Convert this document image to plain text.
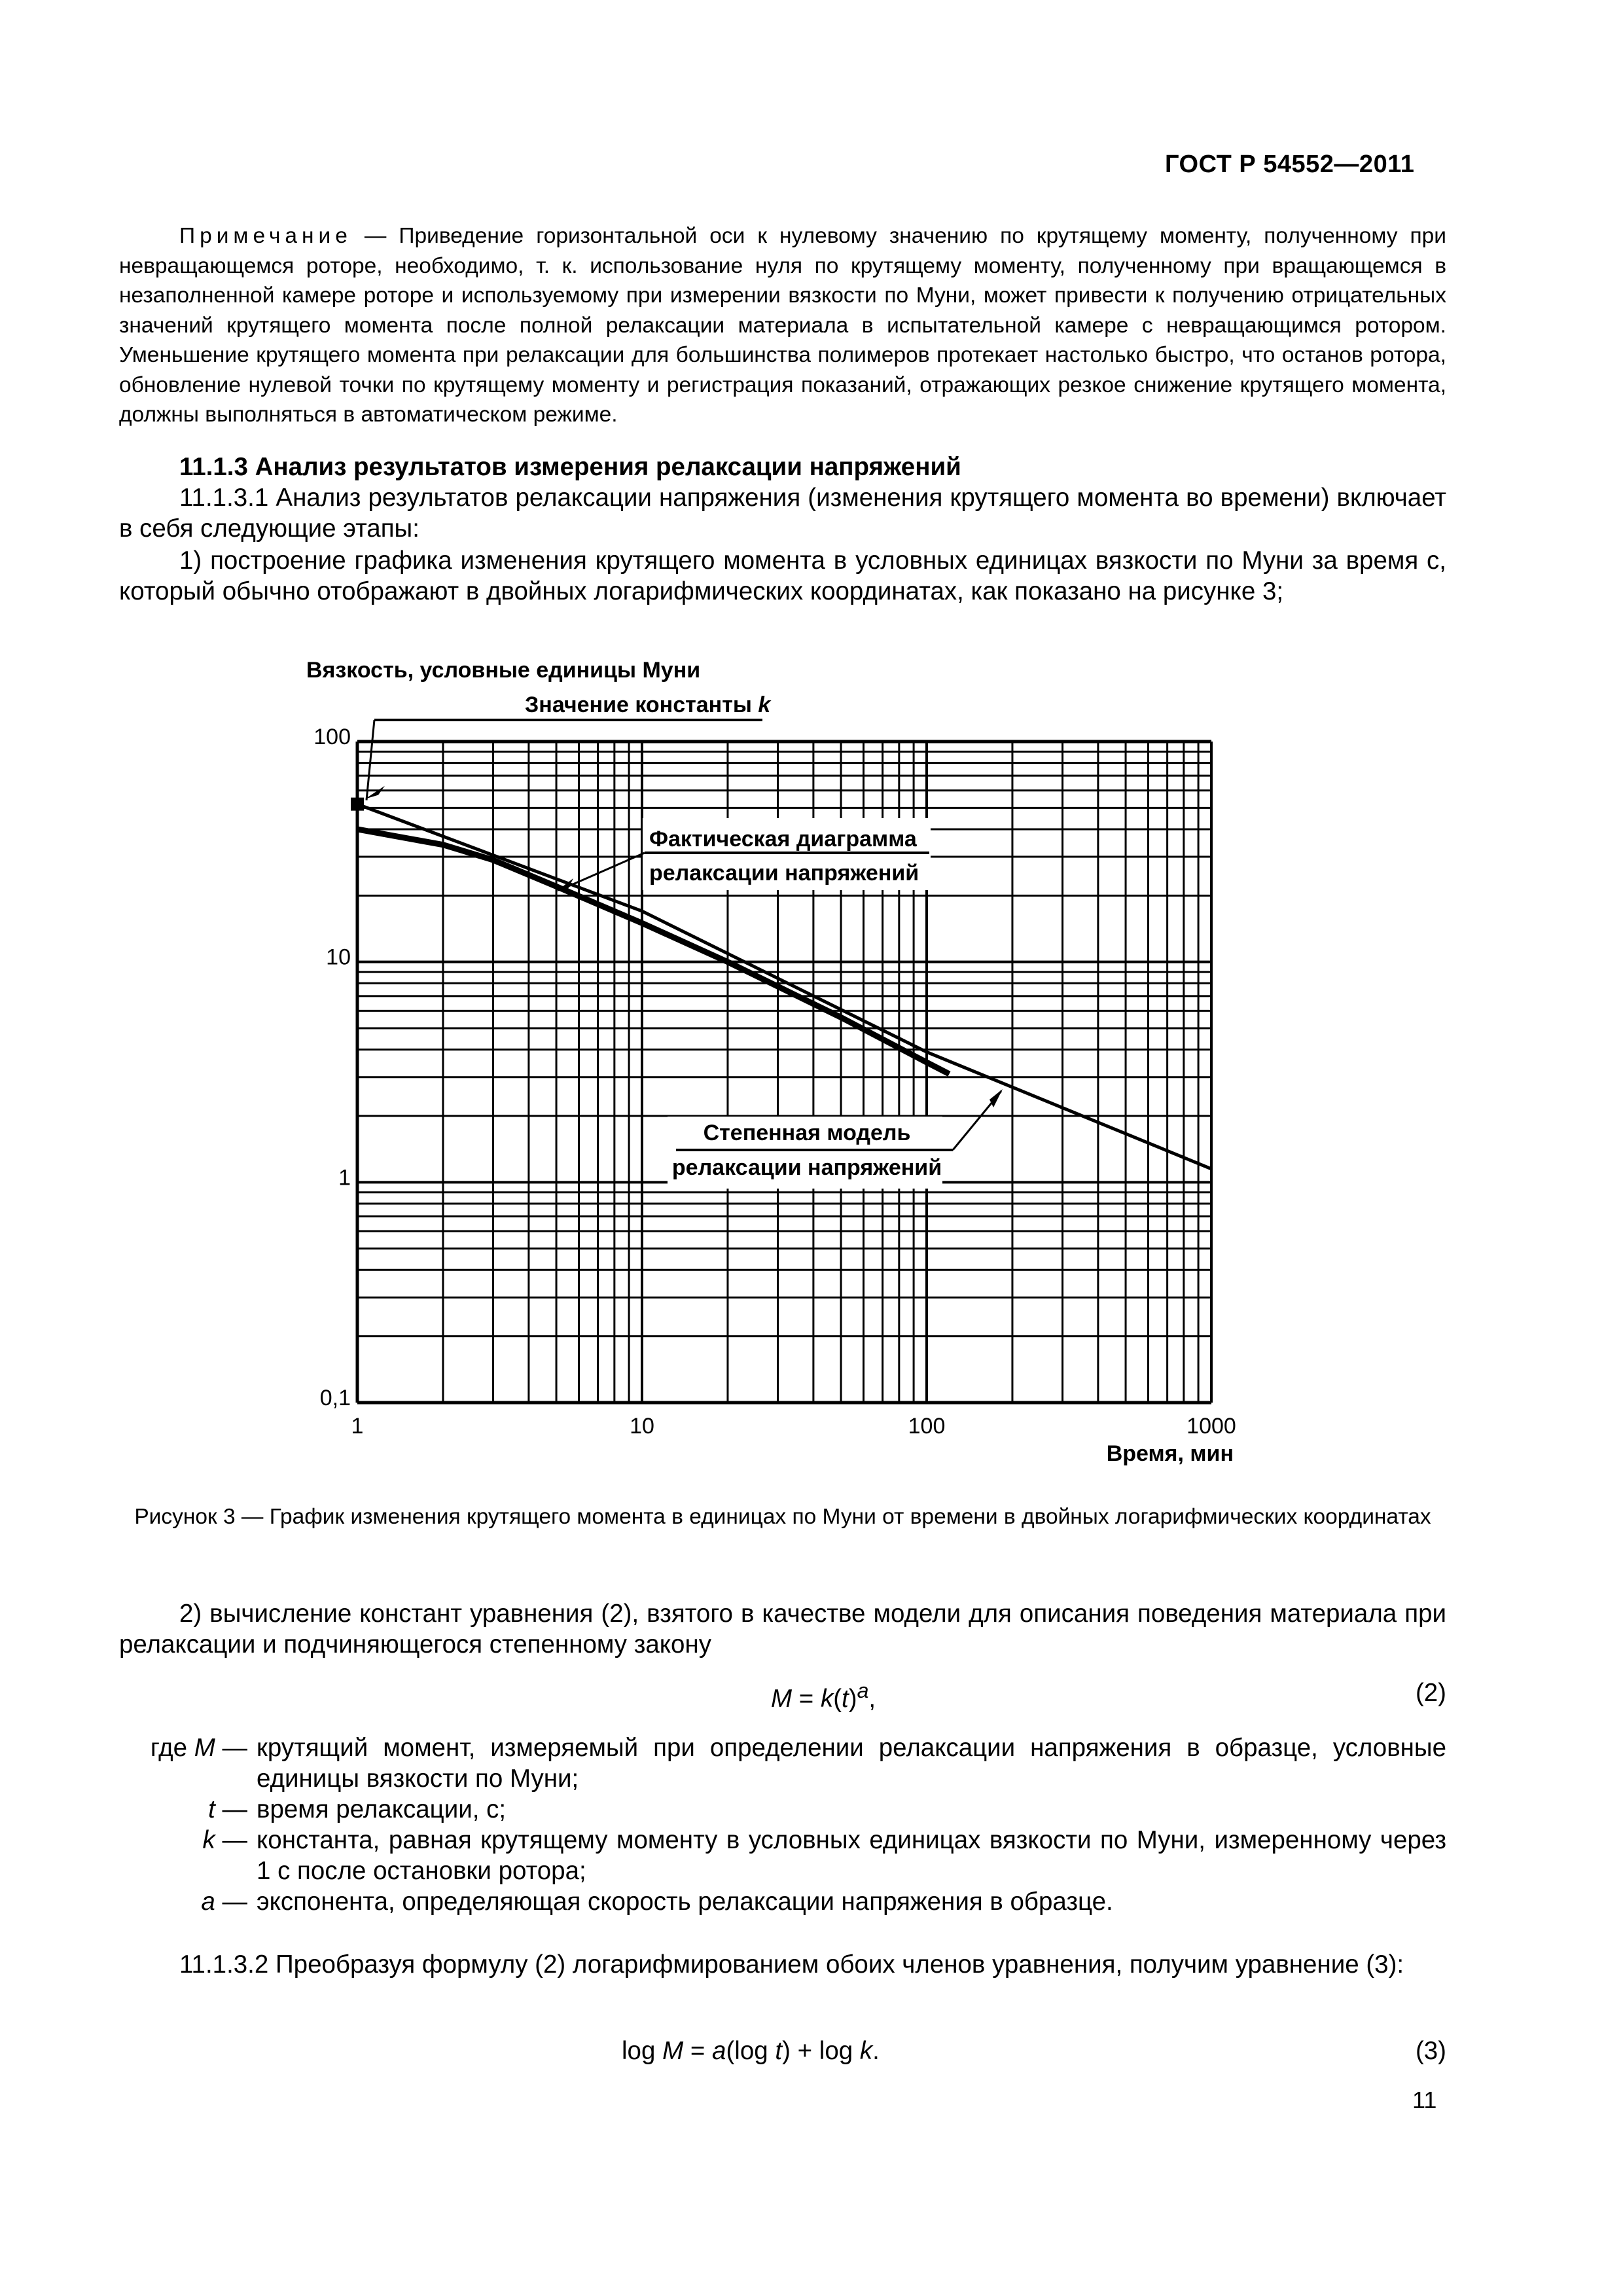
ГОСТ Р 54552—2011

Примечание — Приведение горизонтальной оси к нулевому значению по крутящему моменту, полученному при невращающемся роторе, необходимо, т. к. использование нуля по крутящему моменту, полученному при вращающемся в незаполненной камере роторе и используемому при измерении вязкости по Муни, может привести к получению отрицательных значений крутящего момента после полной релаксации материала в испытательной камере с невращающимся ротором. Уменьшение крутящего момента при релаксации для большинства полимеров протекает настолько быстро, что останов ротора, обновление нулевой точки по крутящему моменту и регистрация показаний, отражающих резкое снижение крутящего момента, должны выполняться в автоматическом режиме.

11.1.3 Анализ результатов измерения релаксации напряжений

11.1.3.1 Анализ результатов релаксации напряжения (изменения крутящего момента во времени) включает в себя следующие этапы:

1) построение графика изменения крутящего момента в условных единицах вязкости по Муни за время с, который обычно отображают в двойных логарифмических координатах, как показано на рисунке 3;

1	10	100	1000
0,1
1
10
100
Время, мин
Вязкость, условные единицы Муни
Значение константы k
Фактическая диаграмма
релаксации напряжений
Степенная модель
релаксации напряжений
Рисунок 3 — График изменения крутящего момента в единицах по Муни от времени в двойных логарифмических координатах

2) вычисление констант уравнения (2), взятого в качестве модели для описания поведения материала при релаксации и подчиняющегося степенному закону

$M = k(t)^a$,	(2)
где M — крутящий момент, измеряемый при определении релаксации напряжения в образце, условные единицы вязкости по Муни;
t — время релаксации, с;
k — константа, равная крутящему моменту в условных единицах вязкости по Муни, измеренному через 1 с после остановки ротора;
a — экспонента, определяющая скорость релаксации напряжения в образце.

11.1.3.2 Преобразуя формулу (2) логарифмированием обоих членов уравнения, получим уравнение (3):

log M = a(log t) + log k.	(3)
11
